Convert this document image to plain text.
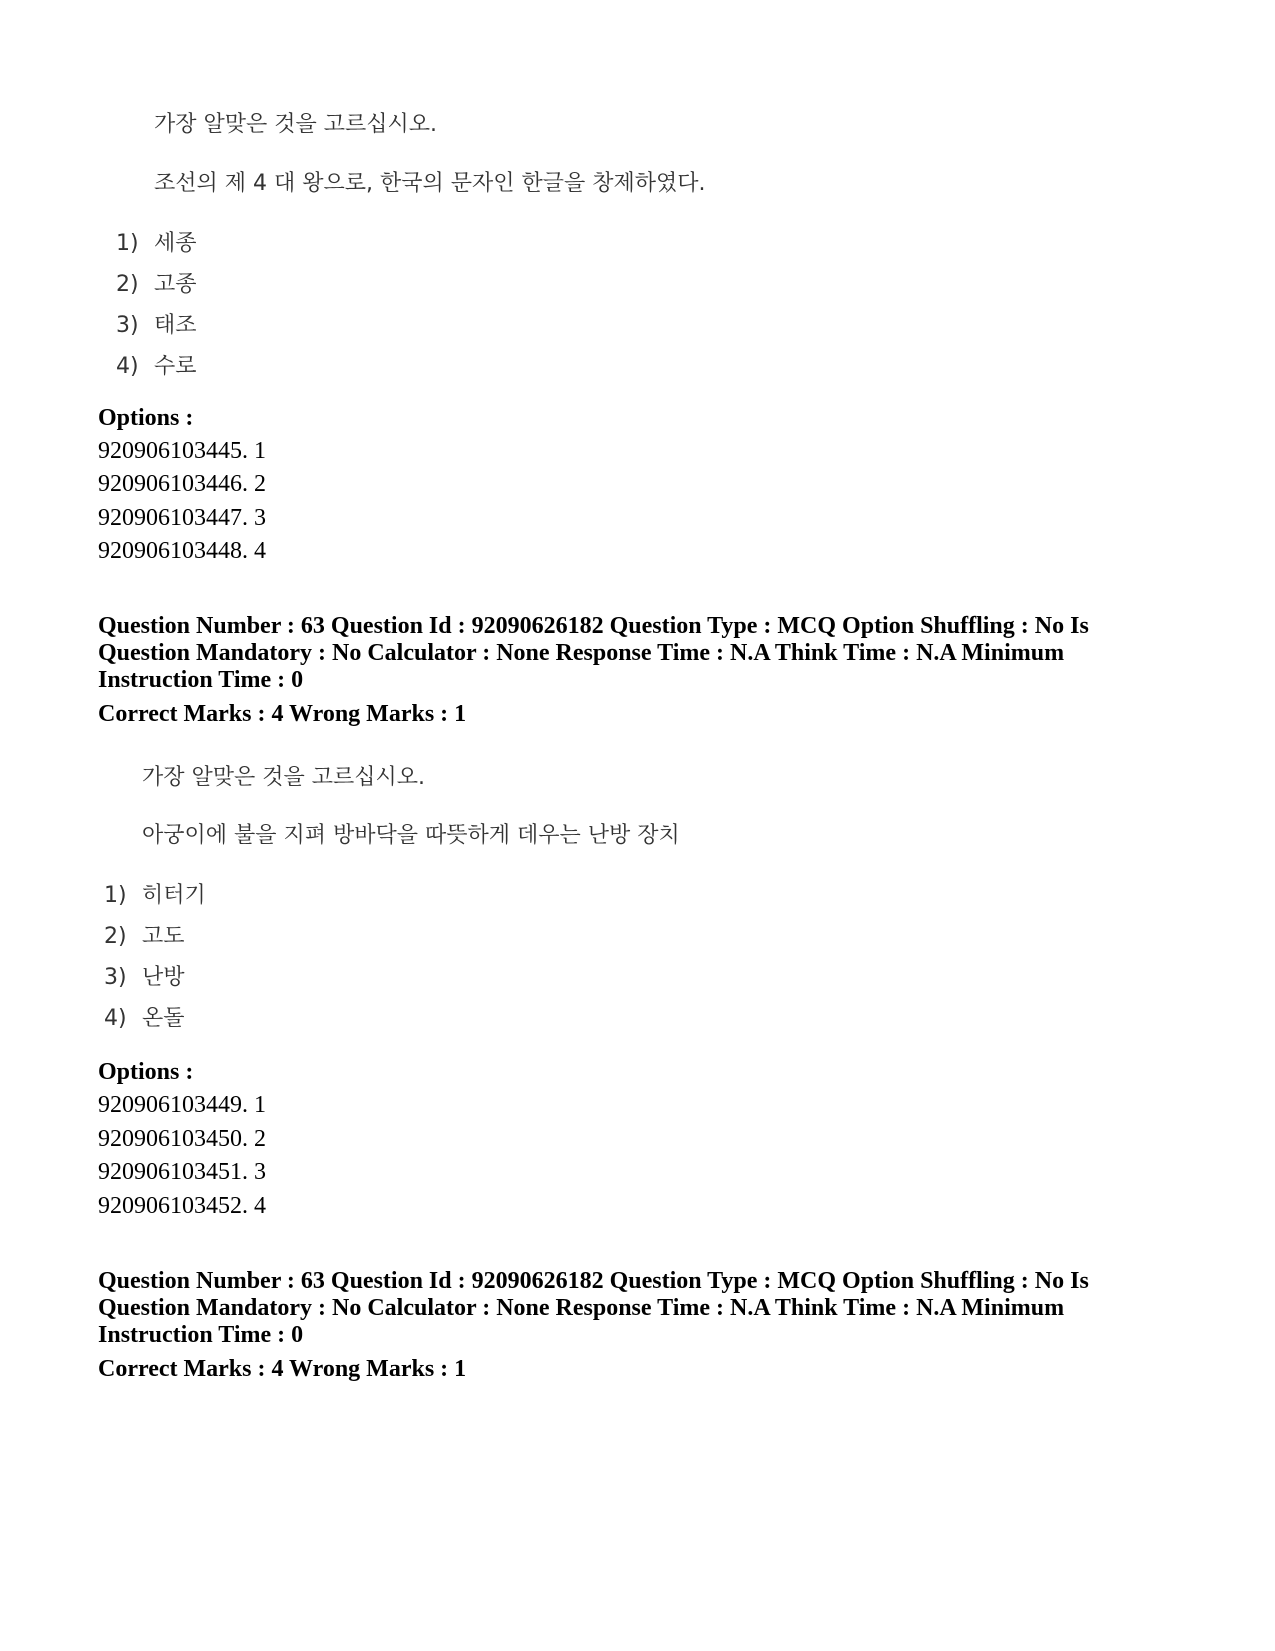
가장 알맞은 것을 고르십시오.
조선의 제 4 대 왕으로, 한국의 문자인 한글을 창제하였다.
1) 세종
2) 고종
3) 태조
4) 수로
Options :
920906103445. 1
920906103446. 2
920906103447. 3
920906103448. 4
Question Number : 63 Question Id : 92090626182 Question Type : MCQ Option Shuffling : No Is
Question Mandatory : No Calculator : None Response Time : N.A Think Time : N.A Minimum
Instruction Time : 0
Correct Marks : 4 Wrong Marks : 1
가장 알맞은 것을 고르십시오.
아궁이에 불을 지펴 방바닥을 따뜻하게 데우는 난방 장치
1) 히터기
2) 고도
3) 난방
4) 온돌
Options :
920906103449. 1
920906103450. 2
920906103451. 3
920906103452. 4
Question Number : 63 Question Id : 92090626182 Question Type : MCQ Option Shuffling : No Is
Question Mandatory : No Calculator : None Response Time : N.A Think Time : N.A Minimum
Instruction Time : 0
Correct Marks : 4 Wrong Marks : 1
